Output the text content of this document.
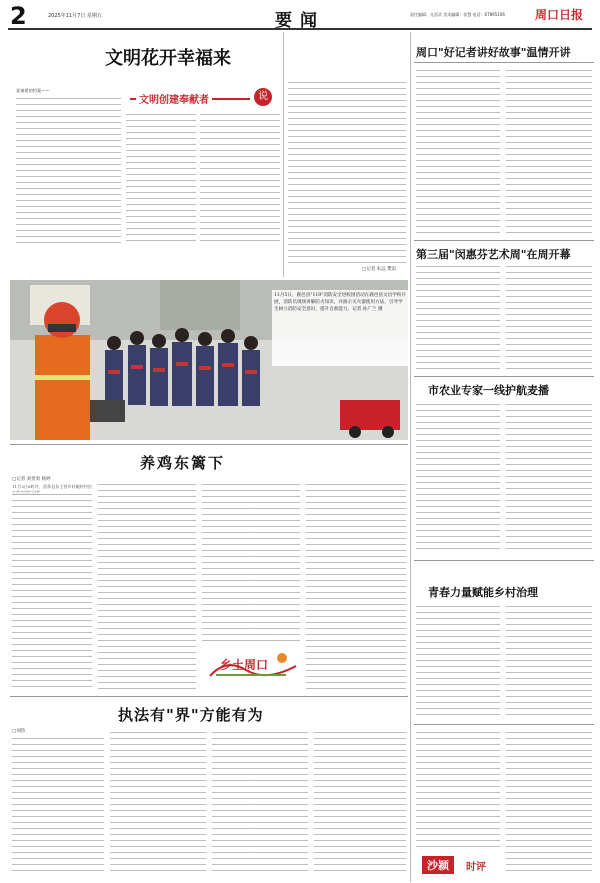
2	2025年11月7日 星期五	要闻	责任编辑：凡雷武 美术编辑：张慧 电话：67895106	周口日报
文明花开幸福来
文明创建奉献者	说
姜秦建的档案——
□记者 朱远 樊雷
11月5日，鹿邑县"119"消防安全进校园活动在鹿邑县文昌学校开展，消防员现场讲解防火知识，并演示灭火器使用方法，引导学生树立消防安全意识，提升自救能力。记者 孙广兰 摄
养鸡东篱下
□记者 刘贵勇 杨婷
11月3日6时许，西华县东王营乡轩辕村村民
乡土周口
执法有"界"方能有为
□刘热
周口"好记者讲好故事"温情开讲
第三届"闵惠芬艺术周"在周开幕
市农业专家一线护航麦播
青春力量赋能乡村治理
沙颍	时评
